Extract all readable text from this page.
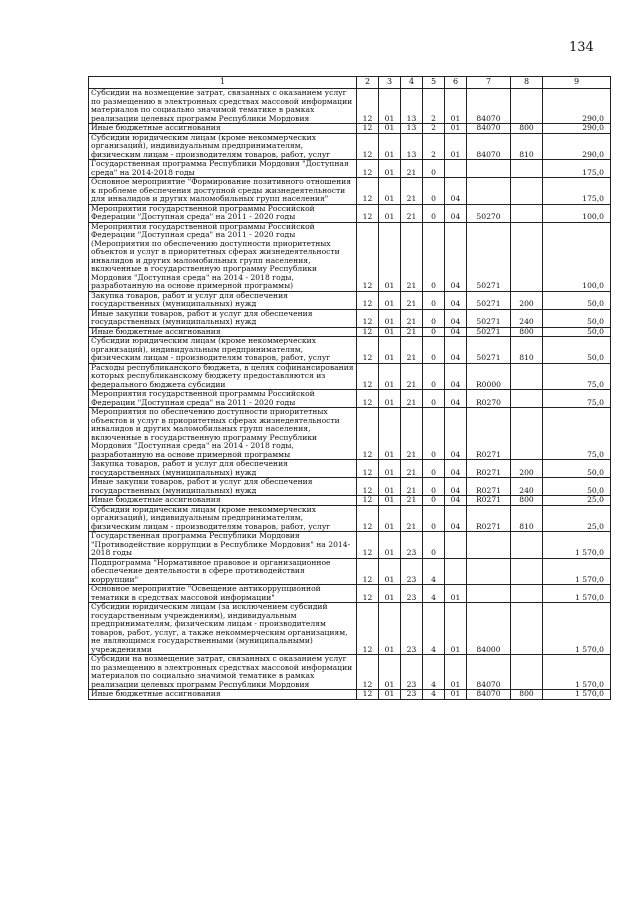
134
1	2	3	4	5	6	7	8	9
Субсидии на возмещение затрат, связанных с оказанием услуг по размещению в электронных средствах массовой информации материалов по социально значимой тематике в рамках реализации целевых программ Республики Мордовия	12	01	13	2	01	84070		290,0
Иные бюджетные ассигнования	12	01	13	2	01	84070	800	290,0
Субсидии юридическим лицам (кроме некоммерческих организаций), индивидуальным предпринимателям, физическим лицам - производителям товаров, работ, услуг	12	01	13	2	01	84070	810	290,0
Государственная программа Республики Мордовия "Доступная среда" на 2014-2018 годы	12	01	21	0				175,0
Основное мероприятие "Формирование позитивного отношения к проблеме обеспечения доступной среды жизнедеятельности для инвалидов и других маломобильных групп населения"	12	01	21	0	04			175,0
Мероприятия государственной программы Российской Федерации "Доступная среда" на 2011 - 2020 годы	12	01	21	0	04	50270		100,0
Мероприятия государственной программы Российской Федерации "Доступная среда" на 2011 - 2020 годы (Мероприятия по обеспечению доступности приоритетных объектов и услуг в приоритетных сферах жизнедеятельности инвалидов и других маломобильных групп населения, включенные в государственную программу Республики Мордовия "Доступная среда" на 2014 - 2018 годы, разработанную на основе примерной программы)	12	01	21	0	04	50271		100,0
Закупка товаров, работ и услуг для обеспечения государственных (муниципальных) нужд	12	01	21	0	04	50271	200	50,0
Иные закупки товаров, работ и услуг для обеспечения государственных (муниципальных) нужд	12	01	21	0	04	50271	240	50,0
Иные бюджетные ассигнования	12	01	21	0	04	50271	800	50,0
Субсидии юридическим лицам (кроме некоммерческих организаций), индивидуальным предпринимателям, физическим лицам - производителям товаров, работ, услуг	12	01	21	0	04	50271	810	50,0
Расходы республиканского бюджета, в целях софинансирования которых республиканскому бюджету предоставляются из федерального бюджета субсидии	12	01	21	0	04	R0000		75,0
Мероприятия государственной программы Российской Федерации "Доступная среда" на 2011 - 2020 годы	12	01	21	0	04	R0270		75,0
Мероприятия по обеспечению доступности приоритетных объектов и услуг в приоритетных сферах жизнедеятельности инвалидов и других маломобильных групп населения, включенные в государственную программу Республики Мордовия "Доступная среда" на 2014 - 2018 годы, разработанную на основе примерной программы	12	01	21	0	04	R0271		75,0
Закупка товаров, работ и услуг для обеспечения государственных (муниципальных) нужд	12	01	21	0	04	R0271	200	50,0
Иные закупки товаров, работ и услуг для обеспечения государственных (муниципальных) нужд	12	01	21	0	04	R0271	240	50,0
Иные бюджетные ассигнования	12	01	21	0	04	R0271	800	25,0
Субсидии юридическим лицам (кроме некоммерческих организаций), индивидуальным предпринимателям, физическим лицам - производителям товаров, работ, услуг	12	01	21	0	04	R0271	810	25,0
Государственная программа Республики Мордовия "Противодействие коррупции в Республике Мордовия" на 2014-2018 годы	12	01	23	0				1 570,0
Подпрограмма "Нормативное правовое и организационное обеспечение деятельности в сфере противодействия коррупции"	12	01	23	4				1 570,0
Основное мероприятие "Освещение антикоррупционной тематики в средствах массовой информации"	12	01	23	4	01			1 570,0
Субсидии юридическим лицам (за исключением субсидий государственным учреждениям), индивидуальным предпринимателям, физическим лицам - производителям товаров, работ, услуг, а также некоммерческим организациям, не являющимся государственными (муниципальными) учреждениями	12	01	23	4	01	84000		1 570,0
Субсидии на возмещение затрат, связанных с оказанием услуг по размещению в электронных средствах массовой информации материалов по социально значимой тематике в рамках реализации целевых программ Республики Мордовия	12	01	23	4	01	84070		1 570,0
Иные бюджетные ассигнования	12	01	23	4	01	84070	800	1 570,0
